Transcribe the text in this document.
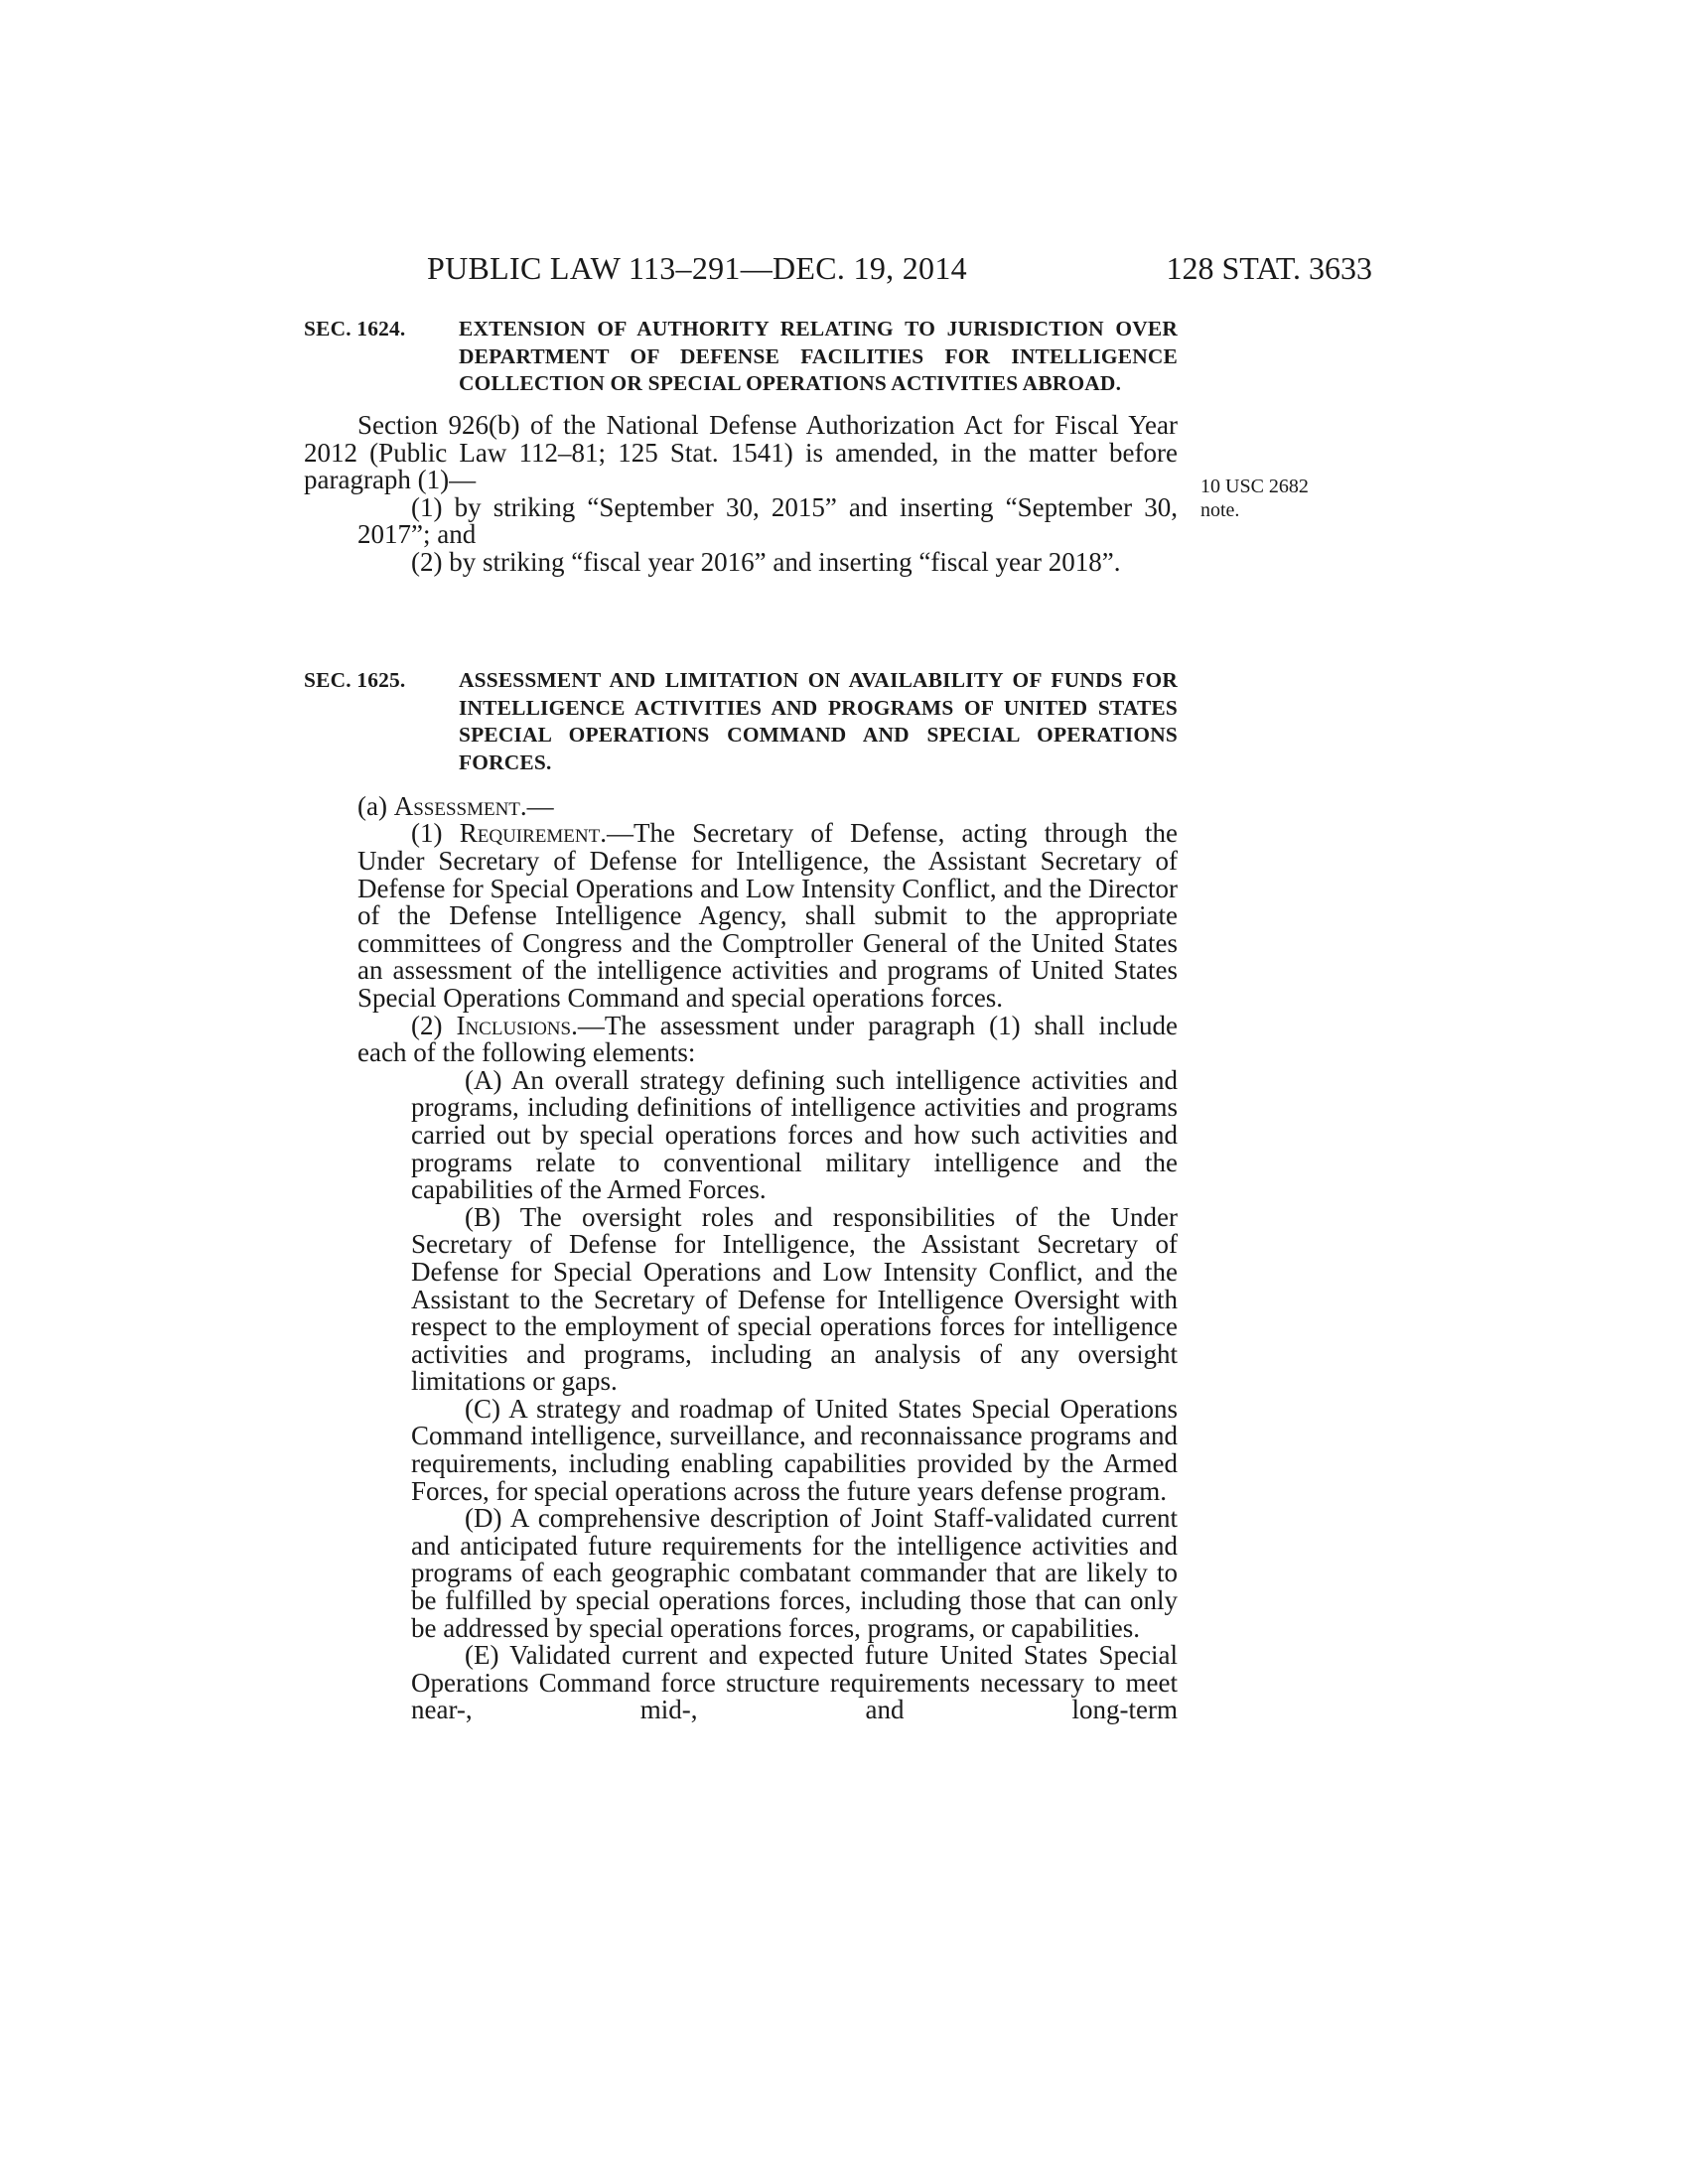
PUBLIC LAW 113–291—DEC. 19, 2014	128 STAT. 3633
10 USC 2682
note.
SEC. 1624.	EXTENSION OF AUTHORITY RELATING TO JURISDICTION OVER DEPARTMENT OF DEFENSE FACILITIES FOR INTELLIGENCE COLLECTION OR SPECIAL OPERATIONS ACTIVITIES ABROAD.

Section 926(b) of the National Defense Authorization Act for Fiscal Year 2012 (Public Law 112–81; 125 Stat. 1541) is amended, in the matter before paragraph (1)—

(1) by striking “September 30, 2015” and inserting “September 30, 2017”; and

(2) by striking “fiscal year 2016” and inserting “fiscal year 2018”.

SEC. 1625.	ASSESSMENT AND LIMITATION ON AVAILABILITY OF FUNDS FOR INTELLIGENCE ACTIVITIES AND PROGRAMS OF UNITED STATES SPECIAL OPERATIONS COMMAND AND SPECIAL OPERATIONS FORCES.

(a) Assessment.—

(1) Requirement.—The Secretary of Defense, acting through the Under Secretary of Defense for Intelligence, the Assistant Secretary of Defense for Special Operations and Low Intensity Conflict, and the Director of the Defense Intelligence Agency, shall submit to the appropriate committees of Congress and the Comptroller General of the United States an assessment of the intelligence activities and programs of United States Special Operations Command and special operations forces.

(2) Inclusions.—The assessment under paragraph (1) shall include each of the following elements:

(A) An overall strategy defining such intelligence activities and programs, including definitions of intelligence activities and programs carried out by special operations forces and how such activities and programs relate to conventional military intelligence and the capabilities of the Armed Forces.

(B) The oversight roles and responsibilities of the Under Secretary of Defense for Intelligence, the Assistant Secretary of Defense for Special Operations and Low Intensity Conflict, and the Assistant to the Secretary of Defense for Intelligence Oversight with respect to the employment of special operations forces for intelligence activities and programs, including an analysis of any oversight limitations or gaps.

(C) A strategy and roadmap of United States Special Operations Command intelligence, surveillance, and reconnaissance programs and requirements, including enabling capabilities provided by the Armed Forces, for special operations across the future years defense program.

(D) A comprehensive description of Joint Staff-validated current and anticipated future requirements for the intelligence activities and programs of each geographic combatant commander that are likely to be fulfilled by special operations forces, including those that can only be addressed by special operations forces, programs, or capabilities.

(E) Validated current and expected future United States Special Operations Command force structure requirements necessary to meet near-, mid-, and long-term
